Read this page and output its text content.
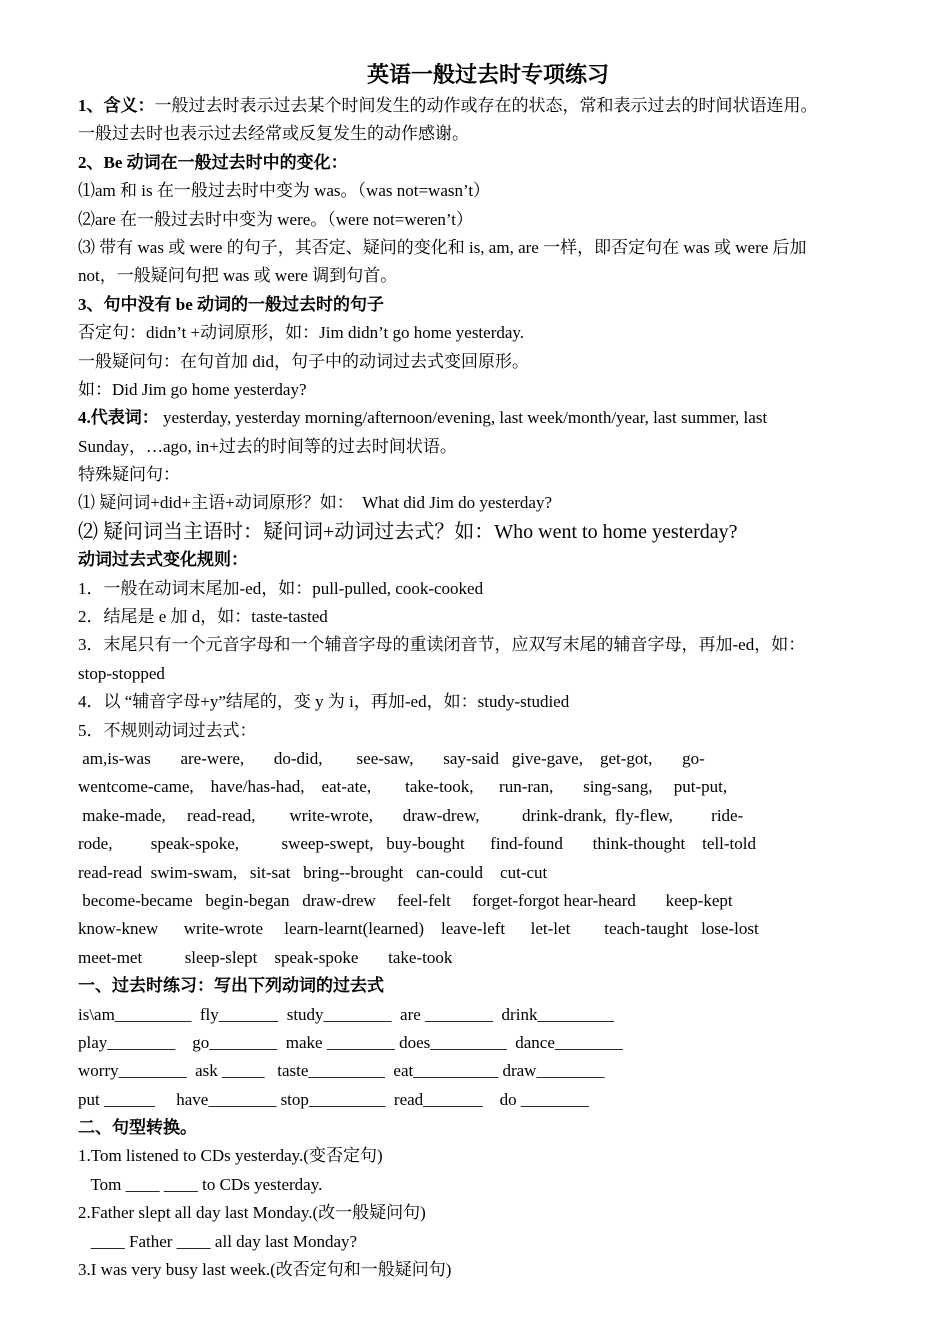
英语一般过去时专项练习
1、含义：一般过去时表示过去某个时间发生的动作或存在的状态，常和表示过去的时间状语连用。
一般过去时也表示过去经常或反复发生的动作感谢。
2、Be 动词在一般过去时中的变化：
⑴am 和 is 在一般过去时中变为 was。（was not=wasn’t）
⑵are 在一般过去时中变为 were。（were not=weren’t）
⑶ 带有 was 或 were 的句子，其否定、疑问的变化和 is, am, are 一样，即否定句在 was 或 were 后加
not，一般疑问句把 was 或 were 调到句首。
3、句中没有 be 动词的一般过去时的句子
否定句：didn’t +动词原形，如：Jim didn’t go home yesterday.
一般疑问句：在句首加 did，句子中的动词过去式变回原形。
如：Did Jim go home yesterday?
4.代表词： yesterday, yesterday morning/afternoon/evening, last week/month/year, last summer, last
Sunday，…ago, in+过去的时间等的过去时间状语。
特殊疑问句：
⑴ 疑问词+did+主语+动词原形？如：  What did Jim do yesterday?
⑵ 疑问词当主语时：疑问词+动词过去式？如：Who went to home yesterday?
动词过去式变化规则：
1．一般在动词末尾加-ed，如：pull-pulled, cook-cooked
2．结尾是 e 加 d，如：taste-tasted
3．末尾只有一个元音字母和一个辅音字母的重读闭音节，应双写末尾的辅音字母，再加-ed，如：
stop-stopped
4．以 “辅音字母+y”结尾的，变 y 为 i，再加-ed，如：study-studied
5．不规则动词过去式：
am,is-was       are-were,       do-did,        see-saw,       say-said   give-gave,    get-got,       go-
wentcome-came,    have/has-had,    eat-ate,        take-took,      run-ran,       sing-sang,     put-put,
make-made,     read-read,        write-wrote,       draw-drew,          drink-drank,  fly-flew,         ride-
rode,         speak-spoke,          sweep-swept,   buy-bought      find-found       think-thought    tell-told
read-read  swim-swam,   sit-sat   bring--brought   can-could    cut-cut
become-became   begin-began   draw-drew     feel-felt     forget-forgot hear-heard       keep-kept
know-knew      write-wrote     learn-learnt(learned)    leave-left      let-let        teach-taught   lose-lost
meet-met          sleep-slept    speak-spoke       take-took
一、过去时练习：写出下列动词的过去式
is\am_________  fly_______  study________  are ________  drink_________
play________    go________  make ________ does_________  dance________
worry________  ask _____   taste_________  eat__________ draw________
put ______     have________ stop_________  read_______    do ________
二、句型转换。
1.Tom listened to CDs yesterday.(变否定句)
Tom ____ ____ to CDs yesterday.
2.Father slept all day last Monday.(改一般疑问句)
____ Father ____ all day last Monday?
3.I was very busy last week.(改否定句和一般疑问句)
